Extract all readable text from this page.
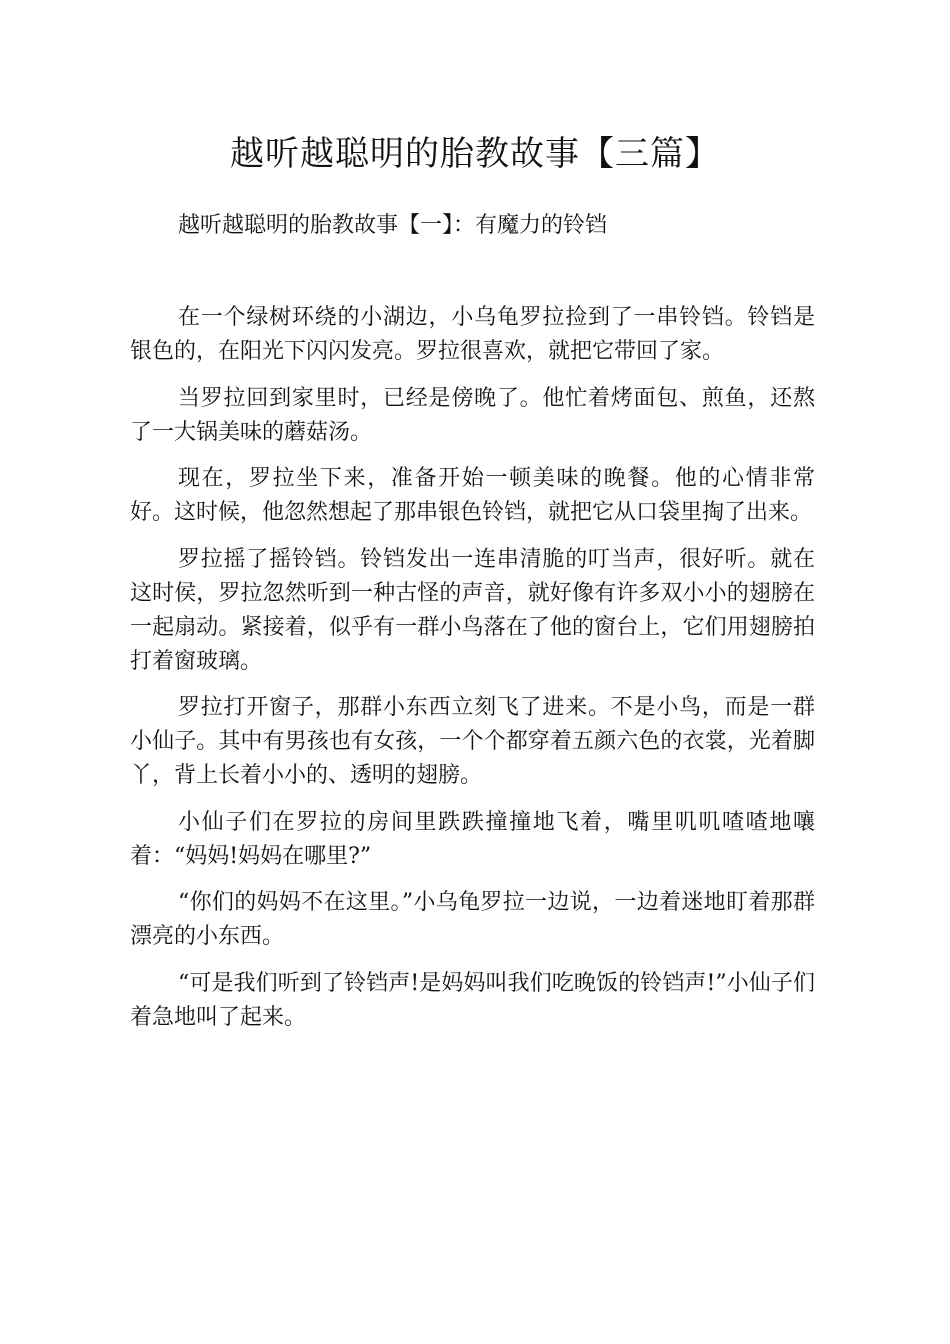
越听越聪明的胎教故事【三篇】
越听越聪明的胎教故事【一】：有魔力的铃铛

在一个绿树环绕的小湖边，小乌龟罗拉捡到了一串铃铛。铃铛是银色的，在阳光下闪闪发亮。罗拉很喜欢，就把它带回了家。

当罗拉回到家里时，已经是傍晚了。他忙着烤面包、煎鱼，还熬了一大锅美味的蘑菇汤。

现在，罗拉坐下来，准备开始一顿美味的晚餐。他的心情非常好。这时候，他忽然想起了那串银色铃铛，就把它从口袋里掏了出来。

罗拉摇了摇铃铛。铃铛发出一连串清脆的叮当声，很好听。就在这时侯，罗拉忽然听到一种古怪的声音，就好像有许多双小小的翅膀在一起扇动。紧接着，似乎有一群小鸟落在了他的窗台上，它们用翅膀拍打着窗玻璃。

罗拉打开窗子，那群小东西立刻飞了进来。不是小鸟，而是一群小仙子。其中有男孩也有女孩，一个个都穿着五颜六色的衣裳，光着脚丫，背上长着小小的、透明的翅膀。

小仙子们在罗拉的房间里跌跌撞撞地飞着，嘴里叽叽喳喳地嚷着：“妈妈!妈妈在哪里?”

“你们的妈妈不在这里。”小乌龟罗拉一边说，一边着迷地盯着那群漂亮的小东西。

“可是我们听到了铃铛声!是妈妈叫我们吃晚饭的铃铛声!”小仙子们着急地叫了起来。
